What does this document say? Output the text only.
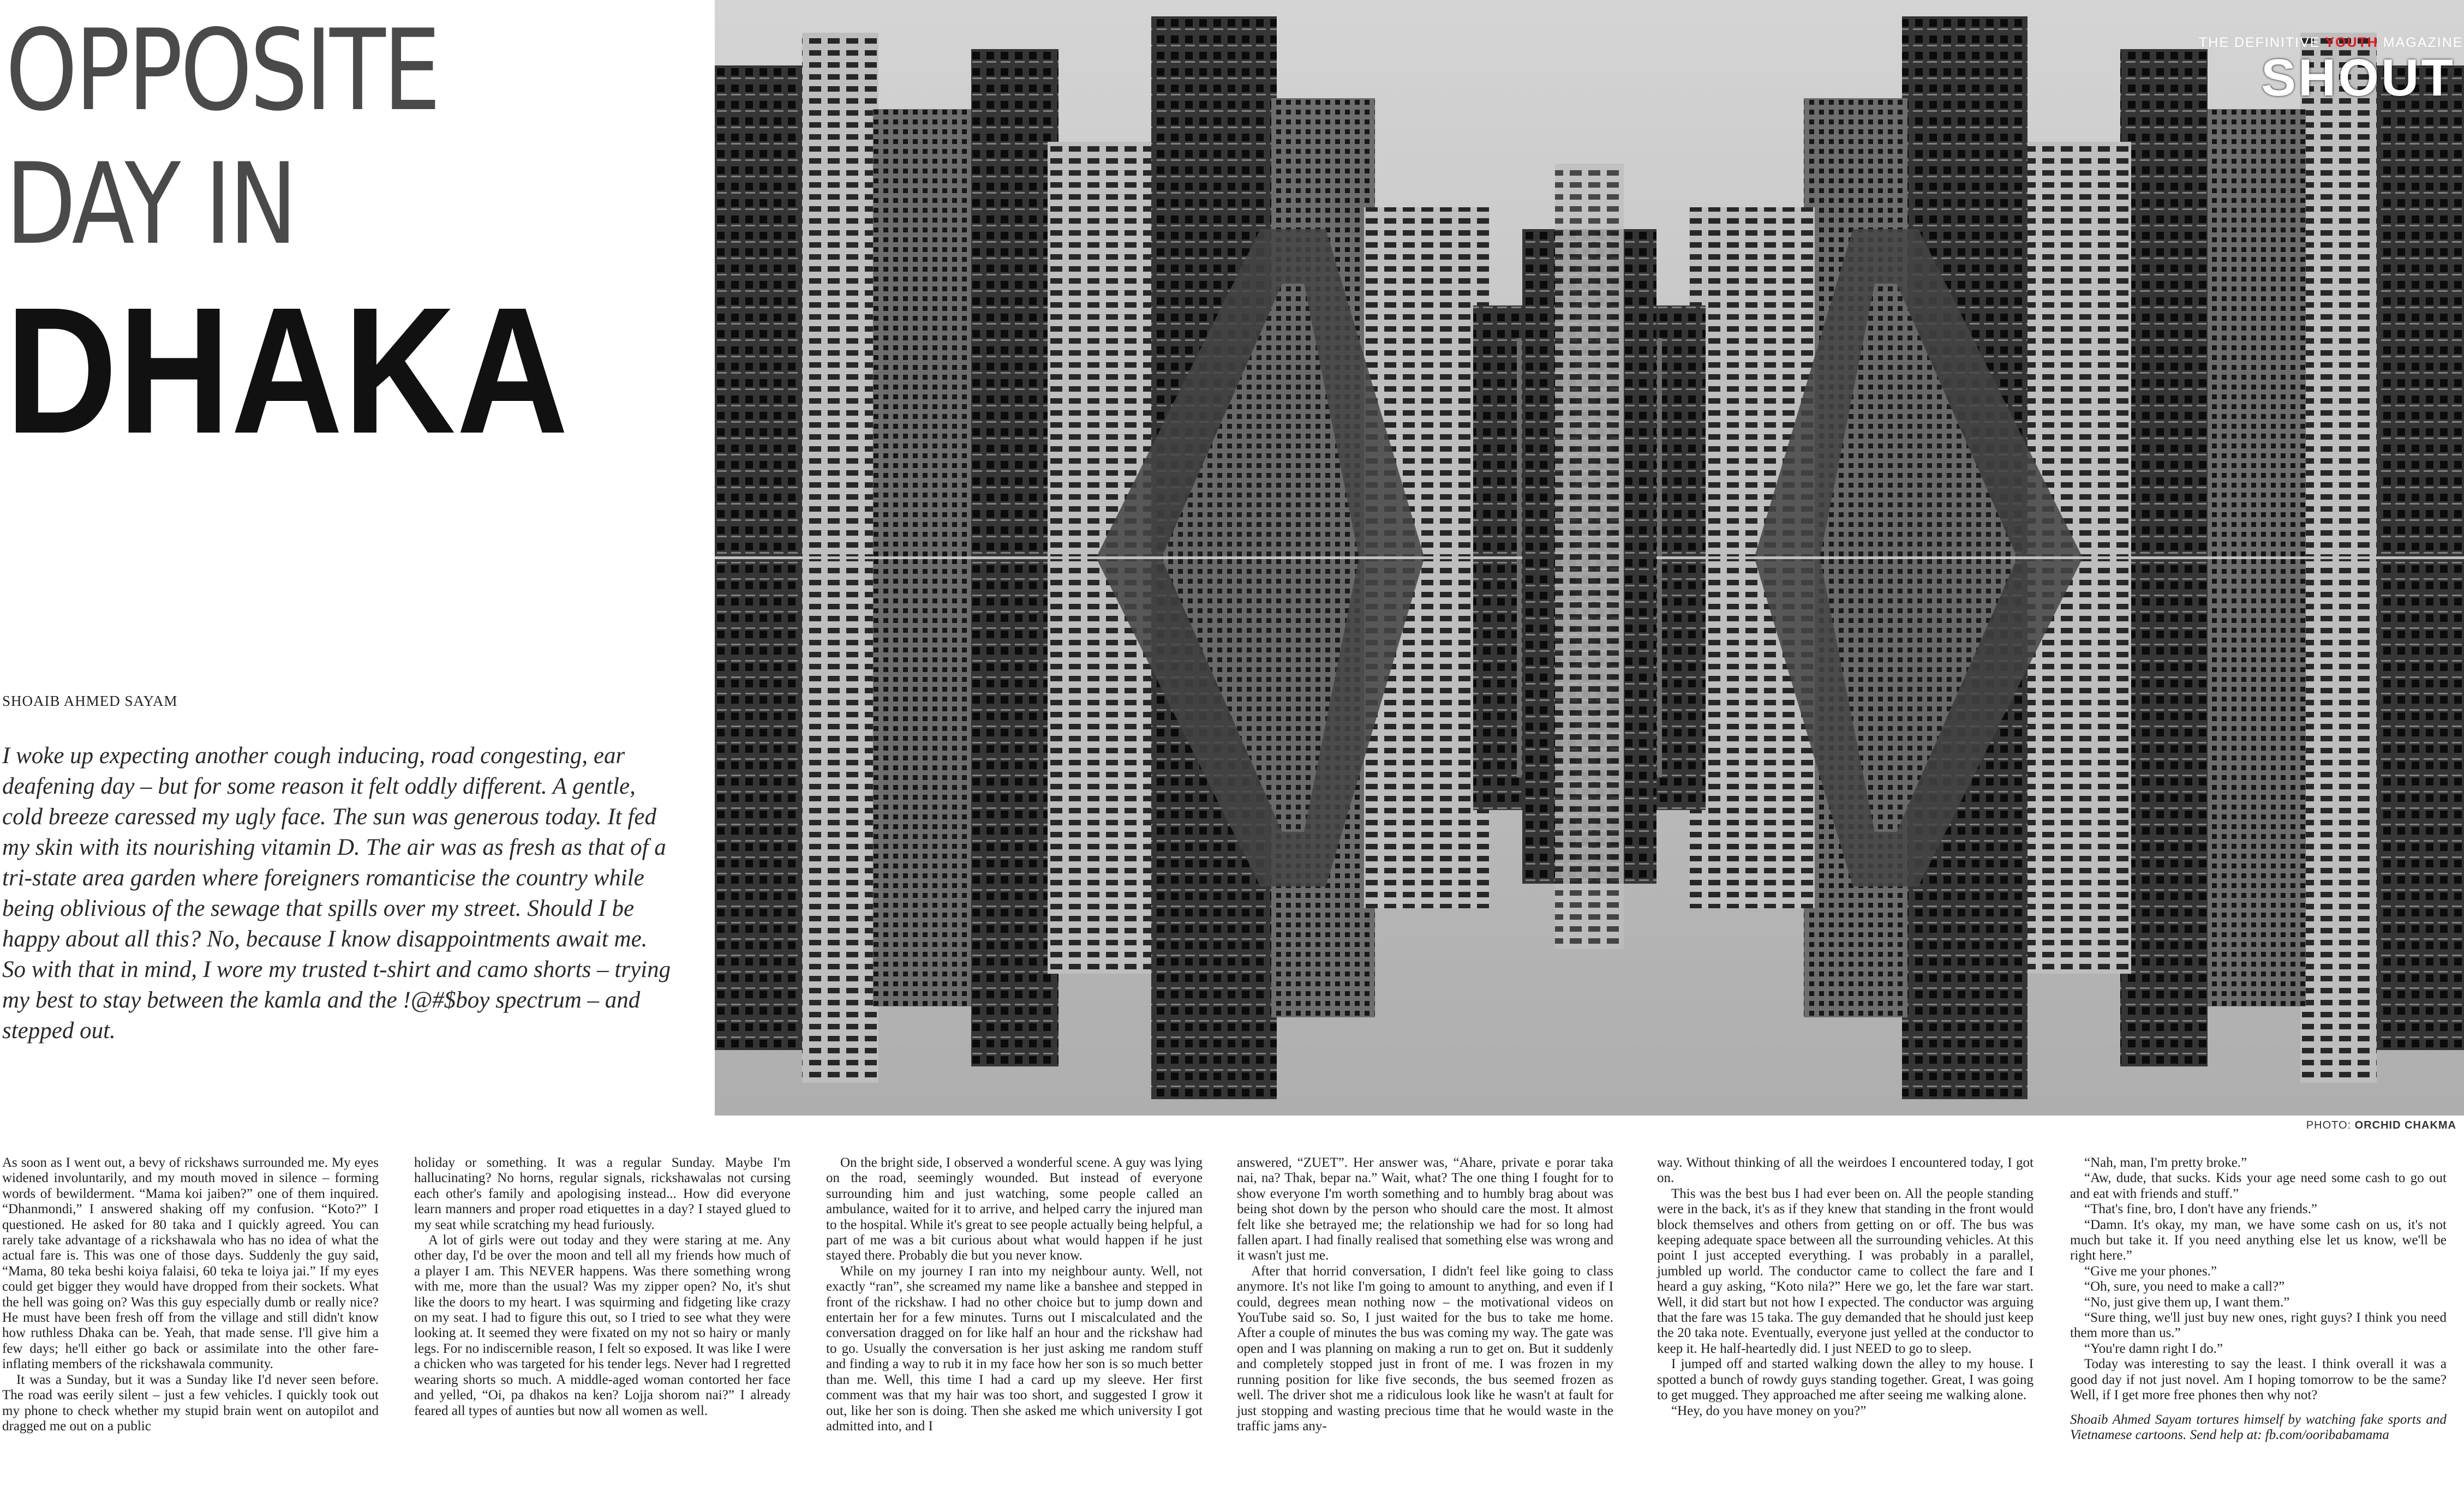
OPPOSITE
DAY IN
DHAKA
SHOAIB AHMED SAYAM
I woke up expecting another cough inducing, road congesting, ear deafening day – but for some reason it felt oddly different. A gentle, cold breeze caressed my ugly face. The sun was generous today. It fed my skin with its nourishing vitamin D. The air was as fresh as that of a tri-state area garden where foreigners romanticise the country while being oblivious of the sewage that spills over my street. Should I be happy about all this? No, because I know disappointments await me. So with that in mind, I wore my trusted t-shirt and camo shorts – trying my best to stay between the kamla and the !@#$boy spectrum – and stepped out.
THE DEFINITIVE YOUTH MAGAZINE
SHOUT
PHOTO: ORCHID CHAKMA

As soon as I went out, a bevy of rickshaws surrounded me. My eyes widened involuntarily, and my mouth moved in silence – forming words of bewilderment. “Mama koi jaiben?” one of them inquired. “Dhanmondi,” I answered shaking off my confusion. “Koto?” I questioned. He asked for 80 taka and I quickly agreed. You can rarely take advantage of a rickshawala who has no idea of what the actual fare is. This was one of those days. Suddenly the guy said, “Mama, 80 teka beshi koiya falaisi, 60 teka te loiya jai.” If my eyes could get bigger they would have dropped from their sockets. What the hell was going on? Was this guy especially dumb or really nice? He must have been fresh off from the village and still didn't know how ruthless Dhaka can be. Yeah, that made sense. I'll give him a few days; he'll either go back or assimilate into the other fare-inflating members of the rickshawala community.

It was a Sunday, but it was a Sunday like I'd never seen before. The road was eerily silent – just a few vehicles. I quickly took out my phone to check whether my stupid brain went on autopilot and dragged me out on a public

holiday or something. It was a regular Sunday. Maybe I'm hallucinating? No horns, regular signals, rickshawalas not cursing each other's family and apologising instead... How did everyone learn manners and proper road etiquettes in a day? I stayed glued to my seat while scratching my head furiously.

A lot of girls were out today and they were staring at me. Any other day, I'd be over the moon and tell all my friends how much of a player I am. This NEVER happens. Was there something wrong with me, more than the usual? Was my zipper open? No, it's shut like the doors to my heart. I was squirming and fidgeting like crazy on my seat. I had to figure this out, so I tried to see what they were looking at. It seemed they were fixated on my not so hairy or manly legs. For no indiscernible reason, I felt so exposed. It was like I were a chicken who was targeted for his tender legs. Never had I regretted wearing shorts so much. A middle-aged woman contorted her face and yelled, “Oi, pa dhakos na ken? Lojja shorom nai?” I already feared all types of aunties but now all women as well.

On the bright side, I observed a wonderful scene. A guy was lying on the road, seemingly wounded. But instead of everyone surrounding him and just watching, some people called an ambulance, waited for it to arrive, and helped carry the injured man to the hospital. While it's great to see people actually being helpful, a part of me was a bit curious about what would happen if he just stayed there. Probably die but you never know.

While on my journey I ran into my neighbour aunty. Well, not exactly “ran”, she screamed my name like a banshee and stepped in front of the rickshaw. I had no other choice but to jump down and entertain her for a few minutes. Turns out I miscalculated and the conversation dragged on for like half an hour and the rickshaw had to go. Usually the conversation is her just asking me random stuff and finding a way to rub it in my face how her son is so much better than me. Well, this time I had a card up my sleeve. Her first comment was that my hair was too short, and suggested I grow it out, like her son is doing. Then she asked me which university I got admitted into, and I

answered, “ZUET”. Her answer was, “Ahare, private e porar taka nai, na? Thak, bepar na.” Wait, what? The one thing I fought for to show everyone I'm worth something and to humbly brag about was being shot down by the person who should care the most. It almost felt like she betrayed me; the relationship we had for so long had fallen apart. I had finally realised that something else was wrong and it wasn't just me.

After that horrid conversation, I didn't feel like going to class anymore. It's not like I'm going to amount to anything, and even if I could, degrees mean nothing now – the motivational videos on YouTube said so. So, I just waited for the bus to take me home. After a couple of minutes the bus was coming my way. The gate was open and I was planning on making a run to get on. But it suddenly and completely stopped just in front of me. I was frozen in my running position for like five seconds, the bus seemed frozen as well. The driver shot me a ridiculous look like he wasn't at fault for just stopping and wasting precious time that he would waste in the traffic jams any-

way. Without thinking of all the weirdoes I encountered today, I got on.

This was the best bus I had ever been on. All the people standing were in the back, it's as if they knew that standing in the front would block themselves and others from getting on or off. The bus was keeping adequate space between all the surrounding vehicles. At this point I just accepted everything. I was probably in a parallel, jumbled up world. The conductor came to collect the fare and I heard a guy asking, “Koto nila?” Here we go, let the fare war start. Well, it did start but not how I expected. The conductor was arguing that the fare was 15 taka. The guy demanded that he should just keep the 20 taka note. Eventually, everyone just yelled at the conductor to keep it. He half-heartedly did. I just NEED to go to sleep.

I jumped off and started walking down the alley to my house. I spotted a bunch of rowdy guys standing together. Great, I was going to get mugged. They approached me after seeing me walking alone.

“Hey, do you have money on you?”

“Nah, man, I'm pretty broke.”

“Aw, dude, that sucks. Kids your age need some cash to go out and eat with friends and stuff.”

“That's fine, bro, I don't have any friends.”

“Damn. It's okay, my man, we have some cash on us, it's not much but take it. If you need anything else let us know, we'll be right here.”

“Give me your phones.”

“Oh, sure, you need to make a call?”

“No, just give them up, I want them.”

“Sure thing, we'll just buy new ones, right guys? I think you need them more than us.”

“You're damn right I do.”

Today was interesting to say the least. I think overall it was a good day if not just novel. Am I hoping tomorrow to be the same? Well, if I get more free phones then why not?

Shoaib Ahmed Sayam tortures himself by watching fake sports and Vietnamese cartoons. Send help at: fb.com/ooribabamama
